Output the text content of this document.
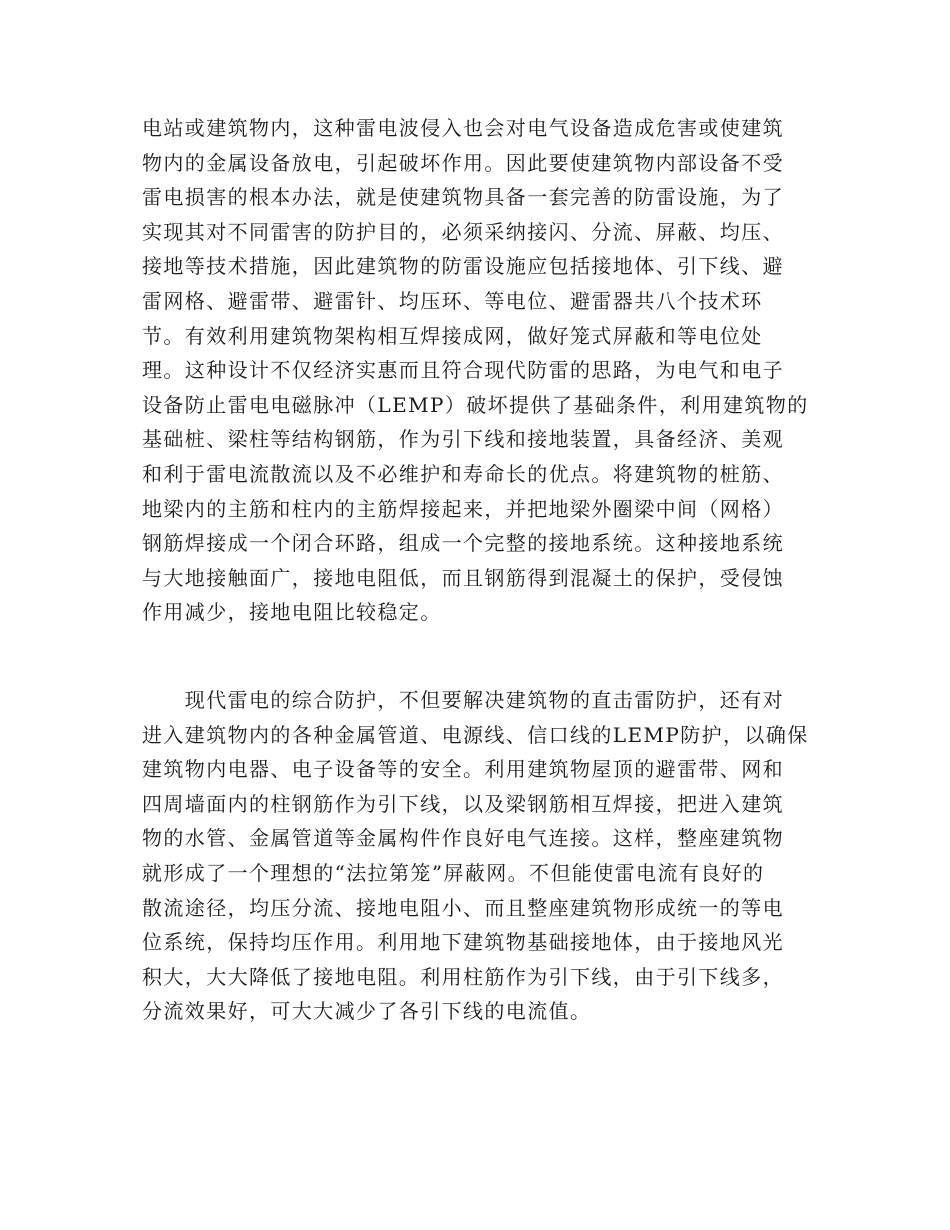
电站或建筑物内，这种雷电波侵入也会对电气设备造成危害或使建筑
物内的金属设备放电，引起破坏作用。因此要使建筑物内部设备不受
雷电损害的根本办法，就是使建筑物具备一套完善的防雷设施，为了
实现其对不同雷害的防护目的，必须采纳接闪、分流、屏蔽、均压、
接地等技术措施，因此建筑物的防雷设施应包括接地体、引下线、避
雷网格、避雷带、避雷针、均压环、等电位、避雷器共八个技术环
节。有效利用建筑物架构相互焊接成网，做好笼式屏蔽和等电位处
理。这种设计不仅经济实惠而且符合现代防雷的思路，为电气和电子
设备防止雷电电磁脉冲（LEMP）破坏提供了基础条件，利用建筑物的
基础桩、梁柱等结构钢筋，作为引下线和接地装置，具备经济、美观
和利于雷电流散流以及不必维护和寿命长的优点。将建筑物的桩筋、
地梁内的主筋和柱内的主筋焊接起来，并把地梁外圈梁中间（网格）
钢筋焊接成一个闭合环路，组成一个完整的接地系统。这种接地系统
与大地接触面广，接地电阻低，而且钢筋得到混凝土的保护，受侵蚀
作用减少，接地电阻比较稳定。
　　现代雷电的综合防护，不但要解决建筑物的直击雷防护，还有对
进入建筑物内的各种金属管道、电源线、信口线的LEMP防护，以确保
建筑物内电器、电子设备等的安全。利用建筑物屋顶的避雷带、网和
四周墙面内的柱钢筋作为引下线，以及梁钢筋相互焊接，把进入建筑
物的水管、金属管道等金属构件作良好电气连接。这样，整座建筑物
就形成了一个理想的“法拉第笼”屏蔽网。不但能使雷电流有良好的
散流途径，均压分流、接地电阻小、而且整座建筑物形成统一的等电
位系统，保持均压作用。利用地下建筑物基础接地体，由于接地风光
积大，大大降低了接地电阻。利用柱筋作为引下线，由于引下线多，
分流效果好，可大大减少了各引下线的电流值。
